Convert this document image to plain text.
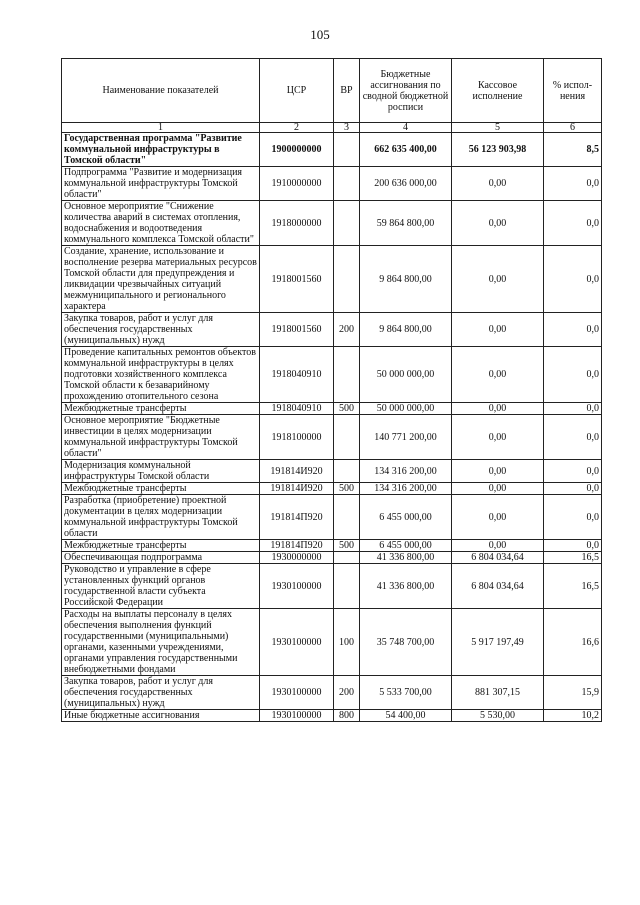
105
Наименование показателей	ЦСР	ВР	Бюджетные ассигнования по сводной бюджетной росписи	Кассовое исполнение	% испол-нения
1	2	3	4	5	6
Государственная программа "Развитие коммунальной инфраструктуры в Томской области"	1900000000		662 635 400,00	56 123 903,98	8,5
Подпрограмма "Развитие и модернизация коммунальной инфраструктуры Томской области"	1910000000		200 636 000,00	0,00	0,0
Основное мероприятие "Снижение количества аварий в системах отопления, водоснабжения и водоотведения коммунального комплекса Томской области"	1918000000		59 864 800,00	0,00	0,0
Создание, хранение, использование и восполнение резерва материальных ресурсов Томской области для предупреждения и ликвидации чрезвычайных ситуаций межмуниципального и регионального характера	1918001560		9 864 800,00	0,00	0,0
Закупка товаров, работ и услуг для обеспечения государственных (муниципальных) нужд	1918001560	200	9 864 800,00	0,00	0,0
Проведение капитальных ремонтов объектов коммунальной инфраструктуры в целях подготовки хозяйственного комплекса Томской области к безаварийному прохождению отопительного сезона	1918040910		50 000 000,00	0,00	0,0
Межбюджетные трансферты	1918040910	500	50 000 000,00	0,00	0,0
Основное мероприятие "Бюджетные инвестиции в целях модернизации коммунальной инфраструктуры Томской области"	1918100000		140 771 200,00	0,00	0,0
Модернизация коммунальной инфраструктуры Томской области	191814И920		134 316 200,00	0,00	0,0
Межбюджетные трансферты	191814И920	500	134 316 200,00	0,00	0,0
Разработка (приобретение) проектной документации в целях модернизации коммунальной инфраструктуры Томской области	191814П920		6 455 000,00	0,00	0,0
Межбюджетные трансферты	191814П920	500	6 455 000,00	0,00	0,0
Обеспечивающая подпрограмма	1930000000		41 336 800,00	6 804 034,64	16,5
Руководство и управление в сфере установленных функций органов государственной власти субъекта Российской Федерации	1930100000		41 336 800,00	6 804 034,64	16,5
Расходы на выплаты персоналу в целях обеспечения выполнения функций государственными (муниципальными) органами, казенными учреждениями, органами управления государственными внебюджетными фондами	1930100000	100	35 748 700,00	5 917 197,49	16,6
Закупка товаров, работ и услуг для обеспечения государственных (муниципальных) нужд	1930100000	200	5 533 700,00	881 307,15	15,9
Иные бюджетные ассигнования	1930100000	800	54 400,00	5 530,00	10,2
